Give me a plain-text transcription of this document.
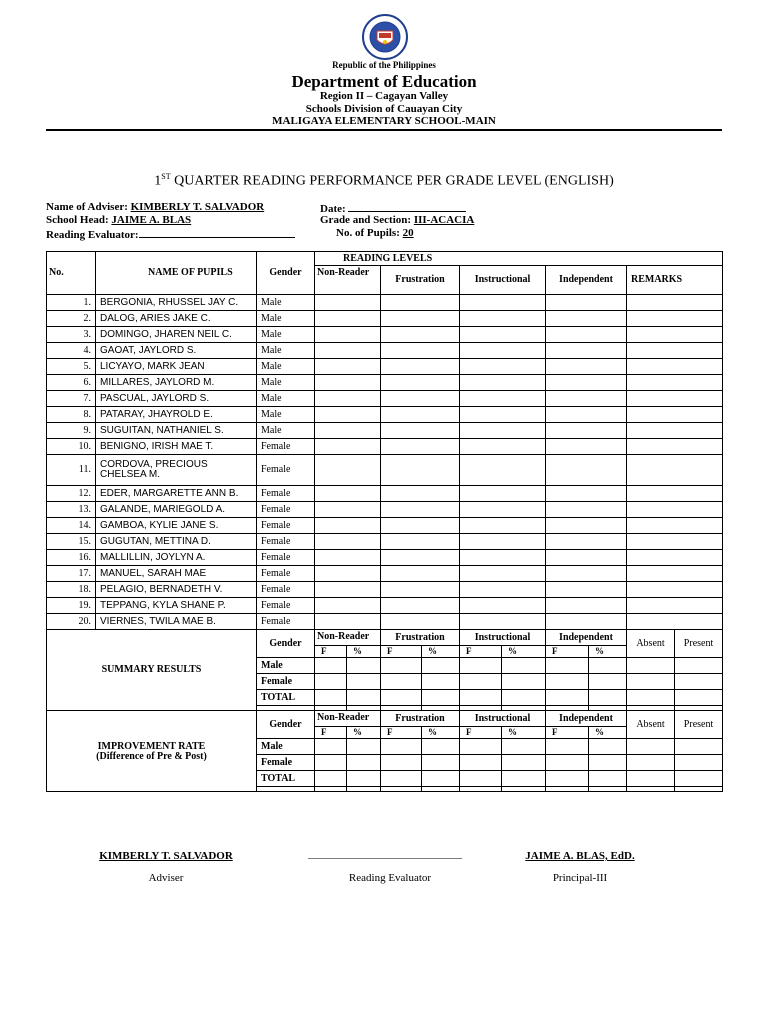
Republic of the Philippines
Department of Education
Region II – Cagayan Valley
Schools Division of Cauayan City
MALIGAYA ELEMENTARY SCHOOL-MAIN
1ST QUARTER READING PERFORMANCE PER GRADE LEVEL (ENGLISH)
Name of Adviser: KIMBERLY T. SALVADOR
School Head: JAIME A. BLAS
Reading Evaluator:
Date:
Grade and Section: III-ACACIA
No. of Pupils: 20
No.	NAME OF PUPILS	Gender	READING LEVELS									
			Non-Reader		Frustration		Instructional		Independent		REMARKS	
1.	BERGONIA, RHUSSEL JAY C.	Male										
2.	DALOG, ARIES JAKE C.	Male										
3.	DOMINGO, JHAREN NEIL C.	Male										
4.	GAOAT, JAYLORD S.	Male										
5.	LICYAYO, MARK JEAN	Male										
6.	MILLARES, JAYLORD M.	Male										
7.	PASCUAL, JAYLORD S.	Male										
8.	PATARAY, JHAYROLD E.	Male										
9.	SUGUITAN, NATHANIEL S.	Male										
10.	BENIGNO, IRISH MAE T.	Female										
11.	CORDOVA, PRECIOUS CHELSEA M.	Female										
12.	EDER, MARGARETTE ANN B.	Female										
13.	GALANDE, MARIEGOLD A.	Female										
14.	GAMBOA, KYLIE JANE S.	Female										
15.	GUGUTAN, METTINA D.	Female										
16.	MALLILLIN, JOYLYN A.	Female										
17.	MANUEL, SARAH MAE	Female										
18.	PELAGIO, BERNADETH V.	Female										
19.	TEPPANG, KYLA SHANE P.	Female										
20.	VIERNES, TWILA MAE B.	Female										

SUMMARY RESULTS		Gender	Non-Reader		Frustration		Instructional		Independent		Absent	Present
			F	%	F	%	F	%	F	%		
		Male										
		Female										
		TOTAL										

IMPROVEMENT RATE
(Difference of Pre & Post)		Gender	Non-Reader		Frustration		Instructional		Independent		Absent	Present
			F	%	F	%	F	%	F	%		
		Male										
		Female										
		TOTAL										

KIMBERLY T. SALVADOR
Adviser
____________________________
Reading Evaluator
JAIME A. BLAS, EdD.
Principal-III
